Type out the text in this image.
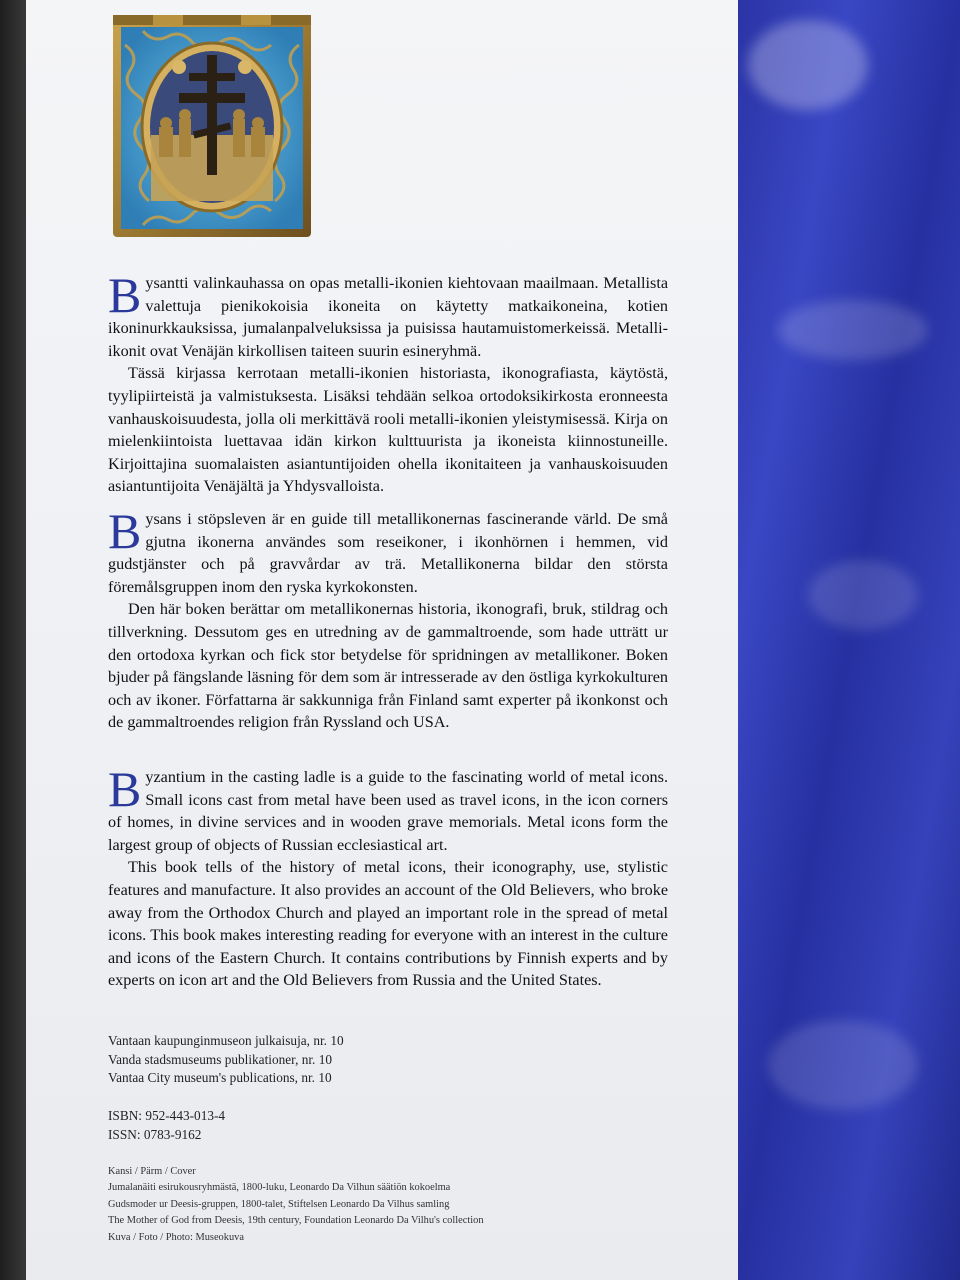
Bysantti valinkauhassa on opas metalli-ikonien kiehtovaan maailmaan. Metallista valettuja pienikokoisia ikoneita on käytetty matkaikoneina, kotien ikoninurkkauksissa, jumalanpalveluksissa ja puisissa hautamuistomerkeissä. Metalli-ikonit ovat Venäjän kirkollisen taiteen suurin esineryhmä.

Tässä kirjassa kerrotaan metalli-ikonien historiasta, ikonografiasta, käytöstä, tyylipiirteistä ja valmistuksesta. Lisäksi tehdään selkoa ortodoksikirkosta eronneesta vanhauskoisuudesta, jolla oli merkittävä rooli metalli-ikonien yleistymisessä. Kirja on mielenkiintoista luettavaa idän kirkon kulttuurista ja ikoneista kiinnostuneille. Kirjoittajina suomalaisten asiantuntijoiden ohella ikonitaiteen ja vanhauskoisuuden asiantuntijoita Venäjältä ja Yhdysvalloista.

Bysans i stöpsleven är en guide till metallikonernas fascinerande värld. De små gjutna ikonerna användes som reseikoner, i ikonhörnen i hemmen, vid gudstjänster och på gravvårdar av trä. Metallikonerna bildar den största föremålsgruppen inom den ryska kyrkokonsten.

Den här boken berättar om metallikonernas historia, ikonografi, bruk, stildrag och tillverkning. Dessutom ges en utredning av de gammaltroende, som hade utträtt ur den ortodoxa kyrkan och fick stor betydelse för spridningen av metallikoner. Boken bjuder på fängslande läsning för dem som är intresserade av den östliga kyrkokulturen och av ikoner. Författarna är sakkunniga från Finland samt experter på ikonkonst och de gammaltroendes religion från Ryssland och USA.

Byzantium in the casting ladle is a guide to the fascinating world of metal icons. Small icons cast from metal have been used as travel icons, in the icon corners of homes, in divine services and in wooden grave memorials. Metal icons form the largest group of objects of Russian ecclesiastical art.

This book tells of the history of metal icons, their iconography, use, stylistic features and manufacture. It also provides an account of the Old Believers, who broke away from the Orthodox Church and played an important role in the spread of metal icons. This book makes interesting reading for everyone with an interest in the culture and icons of the Eastern Church. It contains contributions by Finnish experts and by experts on icon art and the Old Believers from Russia and the United States.

Vantaan kaupunginmuseon julkaisuja, nr. 10
Vanda stadsmuseums publikationer, nr. 10
Vantaa City museum's publications, nr. 10
ISBN: 952-443-013-4
ISSN: 0783-9162
Kansi / Pärm / Cover
Jumalanäiti esirukousryhmästä, 1800-luku, Leonardo Da Vilhun säätiön kokoelma
Gudsmoder ur Deesis-gruppen, 1800-talet, Stiftelsen Leonardo Da Vilhus samling
The Mother of God from Deesis, 19th century, Foundation Leonardo Da Vilhu's collection
Kuva / Foto / Photo: Museokuva
